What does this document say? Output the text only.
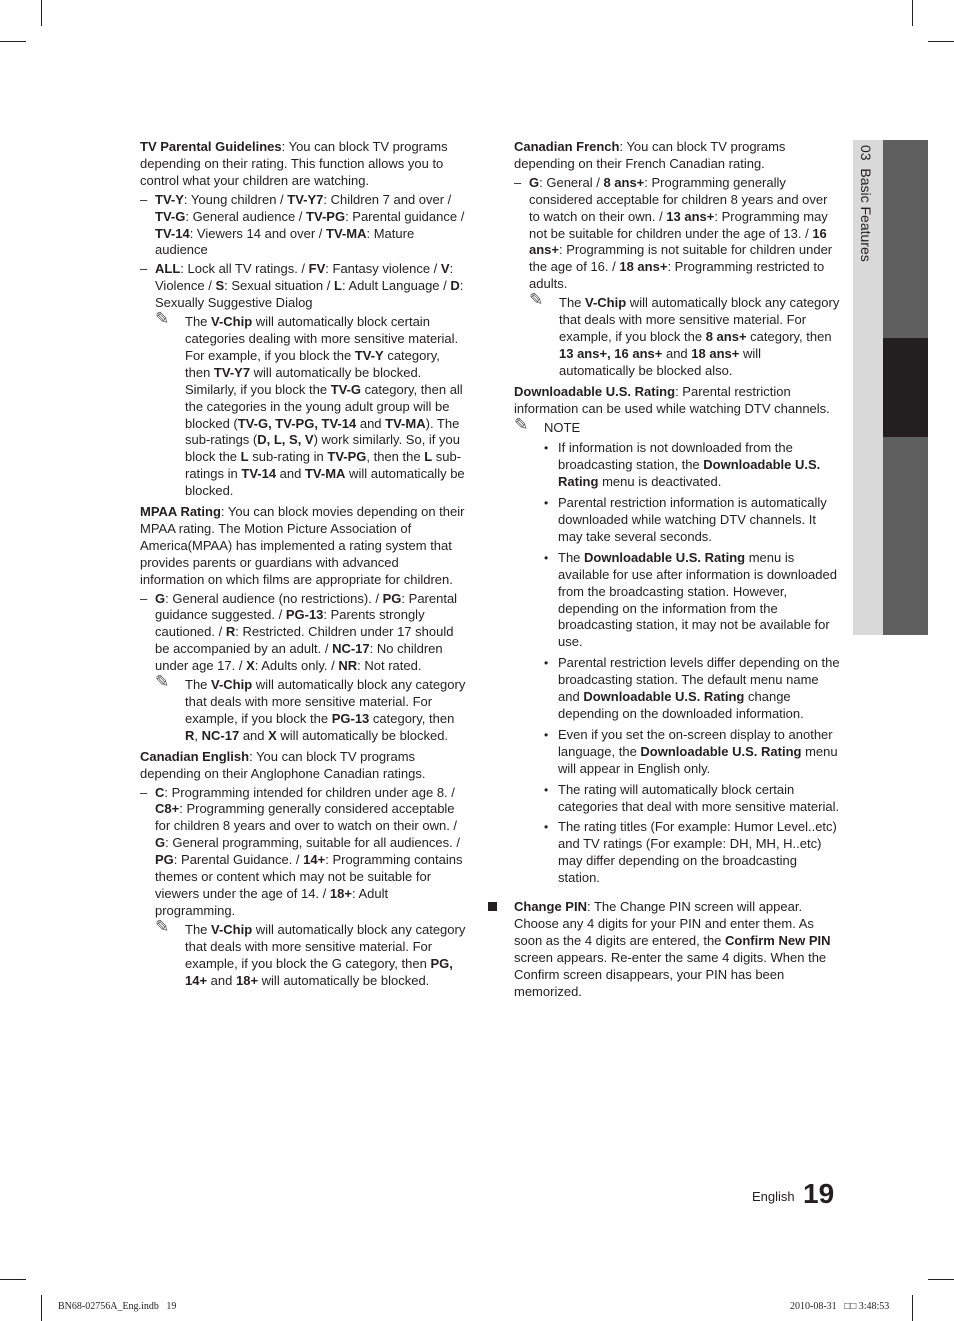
03  Basic Features

TV Parental Guidelines: You can block TV programs depending on their rating. This function allows you to control what your children are watching.

– TV-Y: Young children / TV-Y7: Children 7 and over / TV-G: General audience / TV-PG: Parental guidance / TV-14: Viewers 14 and over / TV-MA: Mature audience
– ALL: Lock all TV ratings. / FV: Fantasy violence / V: Violence / S: Sexual situation / L: Adult Language / D: Sexually Suggestive Dialog
✎ The V-Chip will automatically block certain categories dealing with more sensitive material. For example, if you block the TV-Y category, then TV-Y7 will automatically be blocked. Similarly, if you block the TV-G category, then all the categories in the young adult group will be blocked (TV-G, TV-PG, TV-14 and TV-MA). The sub-ratings (D, L, S, V) work similarly. So, if you block the L sub-rating in TV-PG, then the L sub-ratings in TV-14 and TV-MA will automatically be blocked.

MPAA Rating: You can block movies depending on their MPAA rating. The Motion Picture Association of America(MPAA) has implemented a rating system that provides parents or guardians with advanced information on which films are appropriate for children.

– G: General audience (no restrictions). / PG: Parental guidance suggested. / PG-13: Parents strongly cautioned. / R: Restricted. Children under 17 should be accompanied by an adult. / NC-17: No children under age 17. / X: Adults only. / NR: Not rated.
✎ The V-Chip will automatically block any category that deals with more sensitive material. For example, if you block the PG-13 category, then R, NC-17 and X will automatically be blocked.

Canadian English: You can block TV programs depending on their Anglophone Canadian ratings.

– C: Programming intended for children under age 8. / C8+: Programming generally considered acceptable for children 8 years and over to watch on their own. / G: General programming, suitable for all audiences. / PG: Parental Guidance. / 14+: Programming contains themes or content which may not be suitable for viewers under the age of 14. / 18+: Adult programming.
✎ The V-Chip will automatically block any category that deals with more sensitive material. For example, if you block the G category, then PG, 14+ and 18+ will automatically be blocked.

Canadian French: You can block TV programs depending on their French Canadian rating.

– G: General / 8 ans+: Programming generally considered acceptable for children 8 years and over to watch on their own. / 13 ans+: Programming may not be suitable for children under the age of 13. / 16 ans+: Programming is not suitable for children under the age of 16. / 18 ans+: Programming restricted to adults.
✎ The V-Chip will automatically block any category that deals with more sensitive material. For example, if you block the 8 ans+ category, then 13 ans+, 16 ans+ and 18 ans+ will automatically be blocked also.

Downloadable U.S. Rating: Parental restriction information can be used while watching DTV channels.

✎ NOTE
• If information is not downloaded from the broadcasting station, the Downloadable U.S. Rating menu is deactivated.
• Parental restriction information is automatically downloaded while watching DTV channels. It may take several seconds.
• The Downloadable U.S. Rating menu is available for use after information is downloaded from the broadcasting station. However, depending on the information from the broadcasting station, it may not be available for use.
• Parental restriction levels differ depending on the broadcasting station. The default menu name and Downloadable U.S. Rating change depending on the downloaded information.
• Even if you set the on-screen display to another language, the Downloadable U.S. Rating menu will appear in English only.
• The rating will automatically block certain categories that deal with more sensitive material.
• The rating titles (For example: Humor Level..etc) and TV ratings (For example: DH, MH, H..etc) may differ depending on the broadcasting station.
Change PIN: The Change PIN screen will appear. Choose any 4 digits for your PIN and enter them. As soon as the 4 digits are entered, the Confirm New PIN screen appears. Re-enter the same 4 digits. When the Confirm screen disappears, your PIN has been memorized.
English 19
BN68-02756A_Eng.indb   19	2010-08-31   □□ 3:48:53
